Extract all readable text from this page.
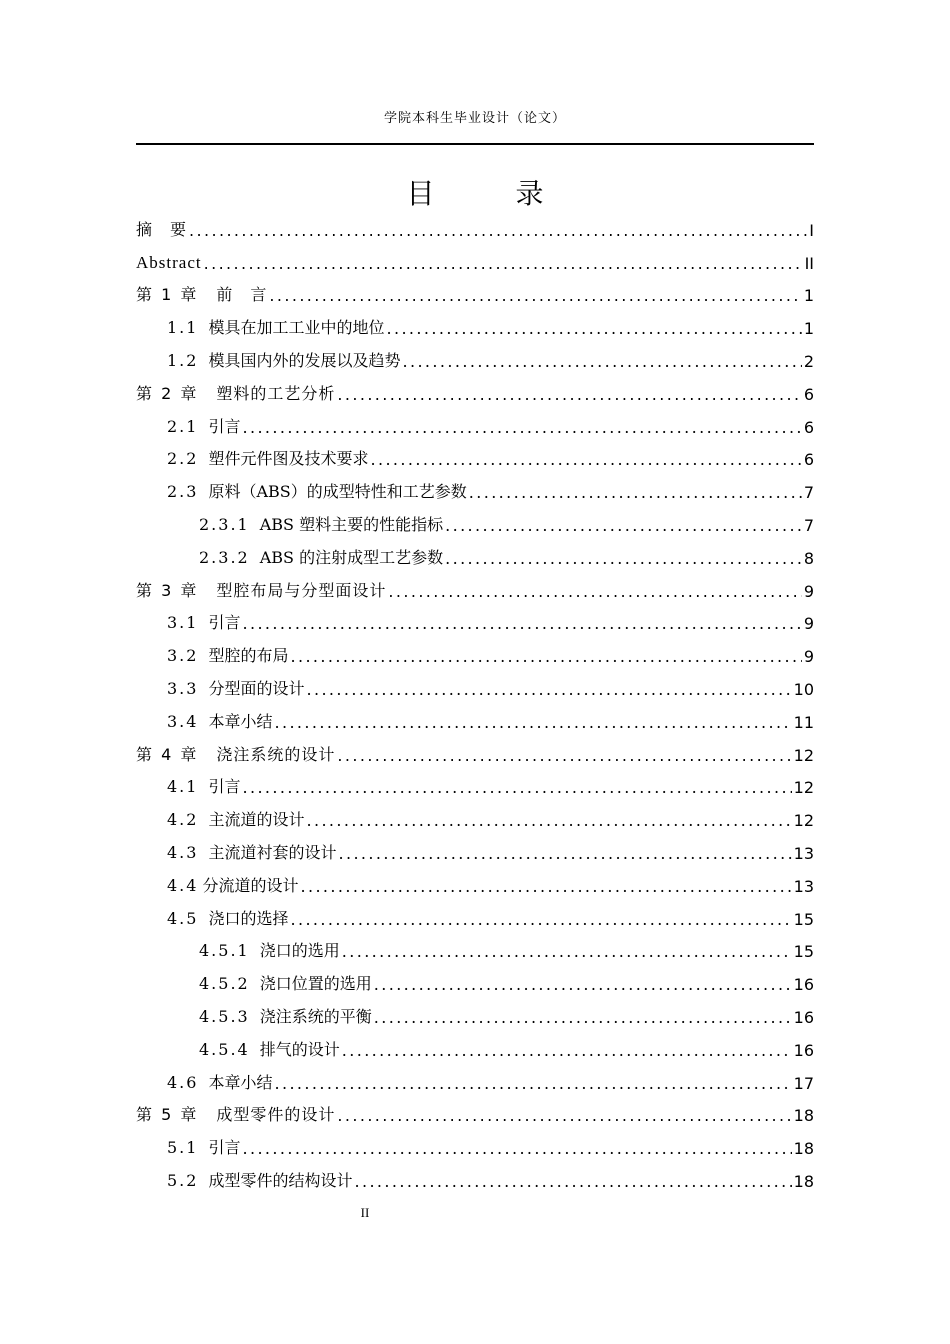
学院本科生毕业设计（论文）
目 录
摘　要 .....	I
Abstract .....	II
第 1 章 前　言 .....	1
1.1 模具在加工工业中的地位 .....	1
1.2 模具国内外的发展以及趋势 .....	2
第 2 章 塑料的工艺分析 .....	6
2.1 引言 .....	6
2.2 塑件元件图及技术要求 .....	6
2.3 原料（ABS）的成型特性和工艺参数 .....	7
2.3.1 ABS 塑料主要的性能指标 .....	7
2.3.2 ABS 的注射成型工艺参数 .....	8
第 3 章 型腔布局与分型面设计 .....	9
3.1 引言 .....	9
3.2 型腔的布局 .....	9
3.3 分型面的设计 .....	10
3.4 本章小结 .....	11
第 4 章 浇注系统的设计 .....	12
4.1 引言 .....	12
4.2 主流道的设计 .....	12
4.3 主流道衬套的设计 .....	13
4.4 分流道的设计 .....	13
4.5 浇口的选择 .....	15
4.5.1 浇口的选用 .....	15
4.5.2 浇口位置的选用 .....	16
4.5.3 浇注系统的平衡 .....	16
4.5.4 排气的设计 .....	16
4.6 本章小结 .....	17
第 5 章 成型零件的设计 .....	18
5.1 引言 .....	18
5.2 成型零件的结构设计 .....	18
II
